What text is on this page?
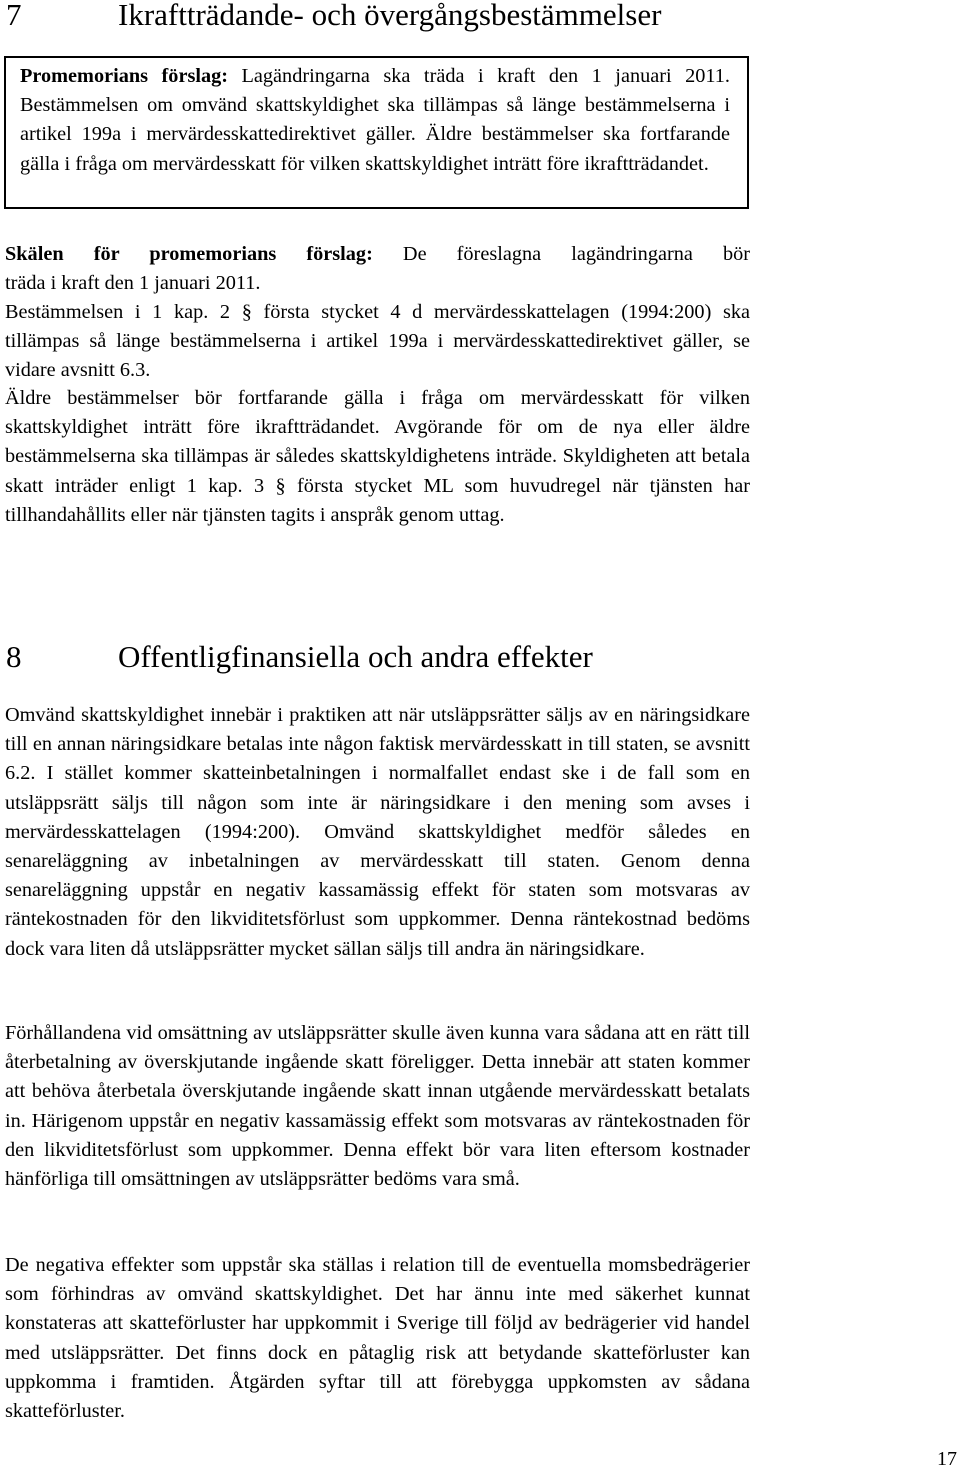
7	Ikraftträdande- och övergångsbestämmelser

Promemorians förslag: Lagändringarna ska träda i kraft den 1 januari 2011. Bestämmelsen om omvänd skattskyldighet ska tillämpas så länge bestämmelserna i artikel 199a i mervärdesskattedirektivet gäller. Äldre bestämmelser ska fortfarande gälla i fråga om mervärdesskatt för vilken skattskyldighet inträtt före ikraftträdandet.

Skälen för promemorians förslag: De föreslagna lagändringarna bör
träda i kraft den 1 januari 2011.

Bestämmelsen i 1 kap. 2 § första stycket 4 d mervärdesskattelagen (1994:200) ska tillämpas så länge bestämmelserna i artikel 199a i mervärdesskattedirektivet gäller, se vidare avsnitt 6.3.

Äldre bestämmelser bör fortfarande gälla i fråga om mervärdesskatt för vilken skattskyldighet inträtt före ikraftträdandet. Avgörande för om de nya eller äldre bestämmelserna ska tillämpas är således skattskyldighetens inträde. Skyldigheten att betala skatt inträder enligt 1 kap. 3 § första stycket ML som huvudregel när tjänsten har tillhandahållits eller när tjänsten tagits i anspråk genom uttag.

8	Offentligfinansiella och andra effekter

Omvänd skattskyldighet innebär i praktiken att när utsläppsrätter säljs av en näringsidkare till en annan näringsidkare betalas inte någon faktisk mervärdesskatt in till staten, se avsnitt 6.2. I stället kommer skatteinbetalningen i normalfallet endast ske i de fall som en utsläppsrätt säljs till någon som inte är näringsidkare i den mening som avses i mervärdesskattelagen (1994:200). Omvänd skattskyldighet medför således en senareläggning av inbetalningen av mervärdesskatt till staten. Genom denna senareläggning uppstår en negativ kassamässig effekt för staten som motsvaras av räntekostnaden för den likviditetsförlust som uppkommer. Denna räntekostnad bedöms dock vara liten då utsläppsrätter mycket sällan säljs till andra än näringsidkare.

Förhållandena vid omsättning av utsläppsrätter skulle även kunna vara sådana att en rätt till återbetalning av överskjutande ingående skatt föreligger. Detta innebär att staten kommer att behöva återbetala överskjutande ingående skatt innan utgående mervärdesskatt betalats in. Härigenom uppstår en negativ kassamässig effekt som motsvaras av räntekostnaden för den likviditetsförlust som uppkommer. Denna effekt bör vara liten eftersom kostnader hänförliga till omsättningen av utsläppsrätter bedöms vara små.

De negativa effekter som uppstår ska ställas i relation till de eventuella momsbedrägerier som förhindras av omvänd skattskyldighet. Det har ännu inte med säkerhet kunnat konstateras att skatteförluster har uppkommit i Sverige till följd av bedrägerier vid handel med utsläppsrätter. Det finns dock en påtaglig risk att betydande skatteförluster kan uppkomma i framtiden. Åtgärden syftar till att förebygga uppkomsten av sådana skatteförluster.

17
